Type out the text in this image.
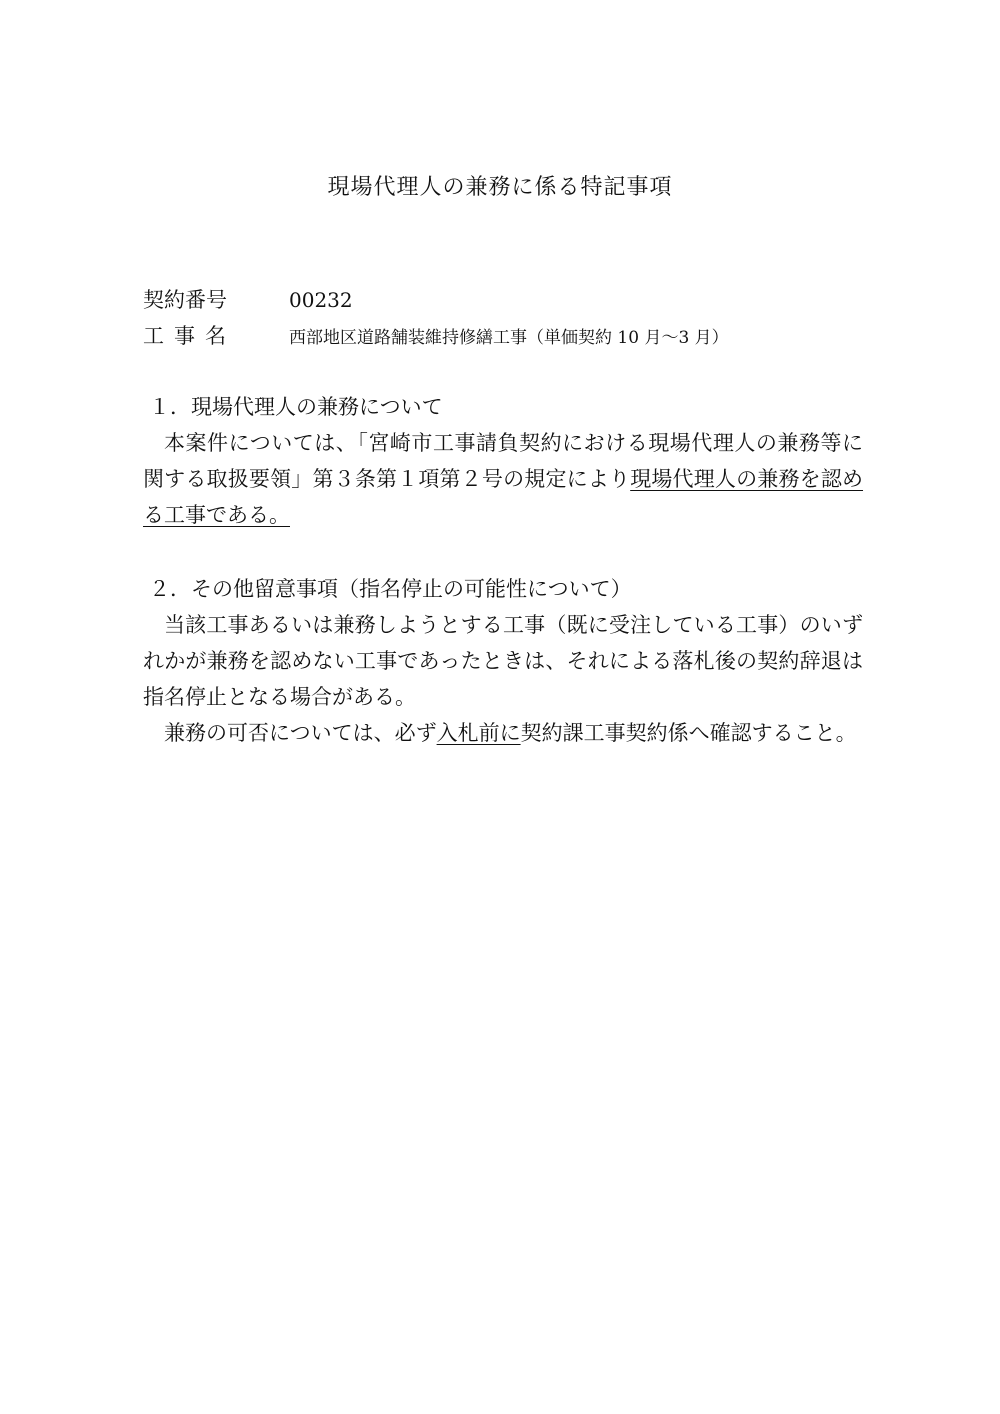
現場代理人の兼務に係る特記事項
契約番号	00232
工事名	西部地区道路舗装維持修繕工事（単価契約 10 月～3 月）
１．現場代理人の兼務について
本案件については、「宮崎市工事請負契約における現場代理人の兼務等に関する取扱要領」第３条第１項第２号の規定により現場代理人の兼務を認める工事である。
２．その他留意事項（指名停止の可能性について）
当該工事あるいは兼務しようとする工事（既に受注している工事）のいずれかが兼務を認めない工事であったときは、それによる落札後の契約辞退は指名停止となる場合がある。
兼務の可否については、必ず入札前に契約課工事契約係へ確認すること。
